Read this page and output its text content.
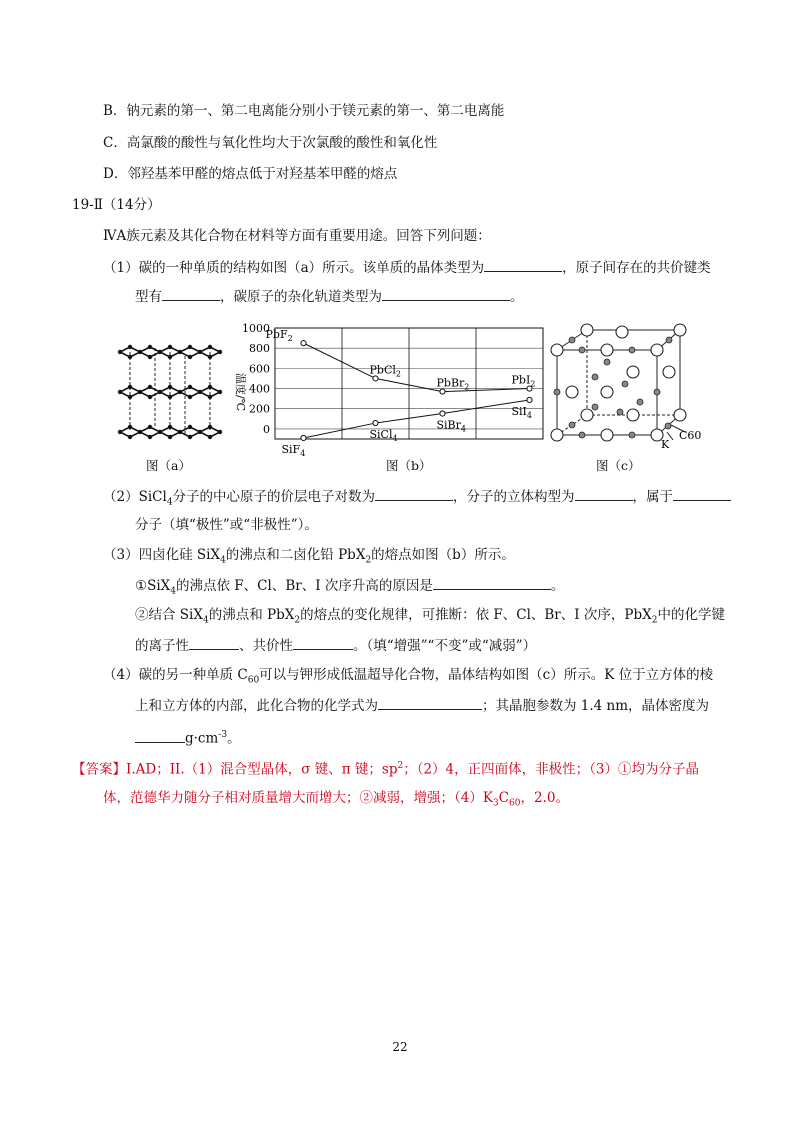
B．钠元素的第一、第二电离能分别小于镁元素的第一、第二电离能
C．高氯酸的酸性与氧化性均大于次氯酸的酸性和氧化性
D．邻羟基苯甲醛的熔点低于对羟基苯甲醛的熔点
19-Ⅱ（14分）
ⅣA族元素及其化合物在材料等方面有重要用途。回答下列问题：
（1）碳的一种单质的结构如图（a）所示。该单质的晶体类型为	，原子间存在的共价键类
型有	，碳原子的杂化轨道类型为	。
图（a）
温度/℃
1000
800
600
400
200
0
PbF$_2$
PbCl$_2$
PbBr$_2$
PbI$_2$
SiF$_4$
SiCl$_4$
SiBr$_4$
SiI$_4$
图（b）
K
C60
图（c）
（2）SiCl$_4$分子的中心原子的价层电子对数为	，分子的立体构型为	，属于
分子（填“极性”或“非极性”）。
（3）四卤化硅 SiX$_4$的沸点和二卤化铅 PbX$_2$的熔点如图（b）所示。
①SiX$_4$的沸点依 F、Cl、Br、I 次序升高的原因是	。
②结合 SiX$_4$的沸点和 PbX$_2$的熔点的变化规律，可推断：依 F、Cl、Br、I 次序，PbX$_2$中的化学键
的离子性	、共价性	。（填“增强”“不变”或“减弱”）
（4）碳的另一种单质 $C_{60}$可以与钾形成低温超导化合物，晶体结构如图（c）所示。K 位于立方体的棱
上和立方体的内部，此化合物的化学式为	；其晶胞参数为 1.4 nm，晶体密度为
$g\cdot cm^{-3}$。
【答案】I.AD；II.（1）混合型晶体，σ 键、π 键；$sp^2$；（2）4，正四面体，非极性；（3）①均为分子晶
体，范德华力随分子相对质量增大而增大；②减弱，增强；$(4)K_3C_{60}$，2.0。
22
